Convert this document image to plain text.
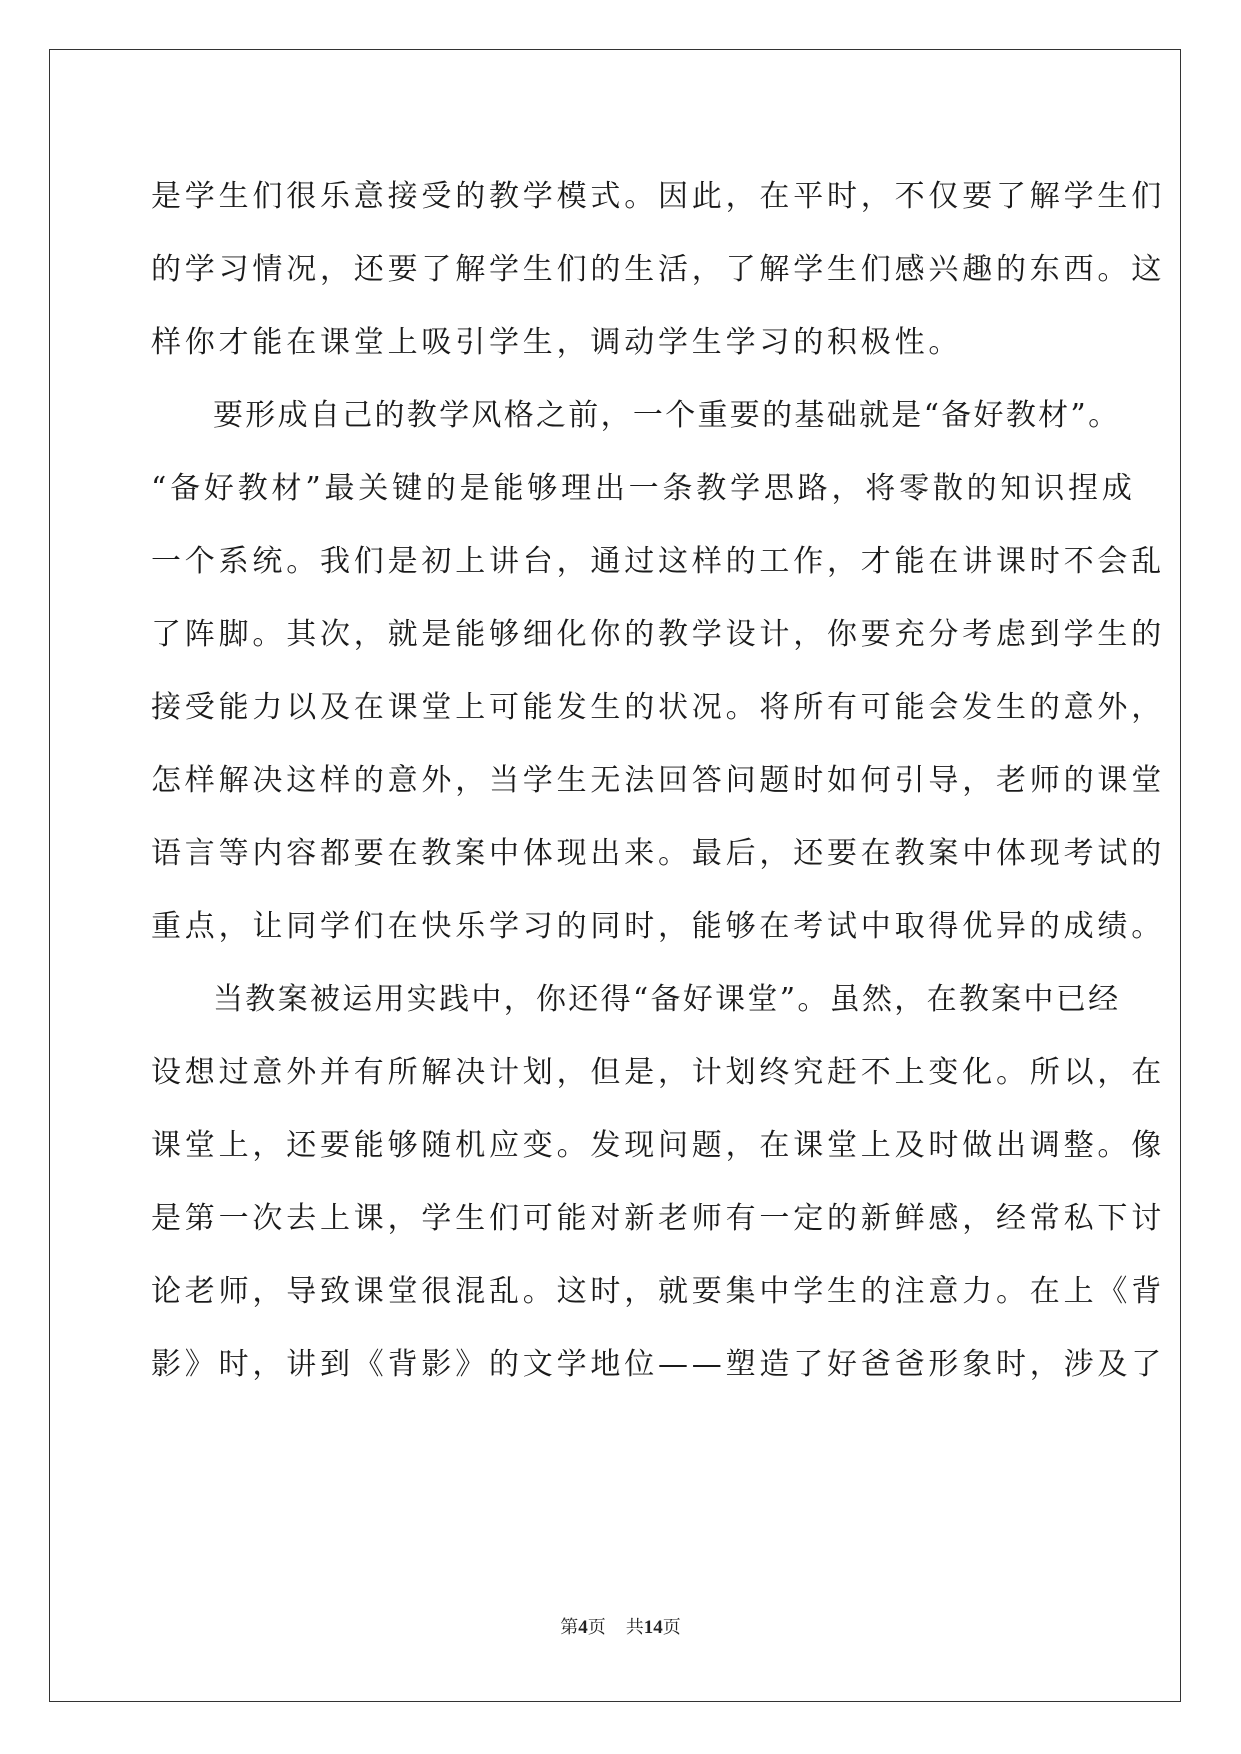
是学生们很乐意接受的教学模式。因此，在平时，不仅要了解学生们
的学习情况，还要了解学生们的生活，了解学生们感兴趣的东西。这
样你才能在课堂上吸引学生，调动学生学习的积极性。
要形成自己的教学风格之前，一个重要的基础就是“备好教材”。
“备好教材”最关键的是能够理出一条教学思路，将零散的知识捏成
一个系统。我们是初上讲台，通过这样的工作，才能在讲课时不会乱
了阵脚。其次，就是能够细化你的教学设计，你要充分考虑到学生的
接受能力以及在课堂上可能发生的状况。将所有可能会发生的意外，
怎样解决这样的意外，当学生无法回答问题时如何引导，老师的课堂
语言等内容都要在教案中体现出来。最后，还要在教案中体现考试的
重点，让同学们在快乐学习的同时，能够在考试中取得优异的成绩。
当教案被运用实践中，你还得“备好课堂”。虽然，在教案中已经
设想过意外并有所解决计划，但是，计划终究赶不上变化。所以，在
课堂上，还要能够随机应变。发现问题，在课堂上及时做出调整。像
是第一次去上课，学生们可能对新老师有一定的新鲜感，经常私下讨
论老师，导致课堂很混乱。这时，就要集中学生的注意力。在上《背
影》时，讲到《背影》的文学地位——塑造了好爸爸形象时，涉及了
第4页 共14页
